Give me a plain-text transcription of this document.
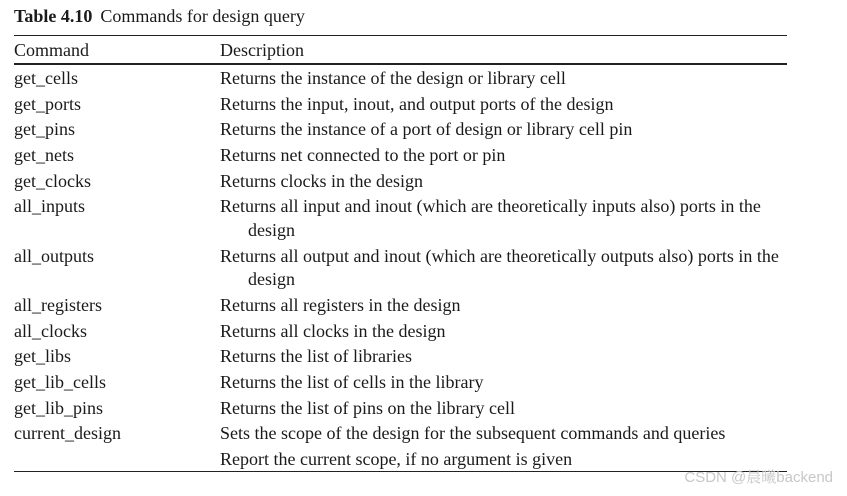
Table 4.10 Commands for design query
Command	Description
get_cells	Returns the instance of the design or library cell
get_ports	Returns the input, inout, and output ports of the design
get_pins	Returns the instance of a port of design or library cell pin
get_nets	Returns net connected to the port or pin
get_clocks	Returns clocks in the design
all_inputs	Returns all input and inout (which are theoretically inputs also) ports in the design
all_outputs	Returns all output and inout (which are theoretically outputs also) ports in the design
all_registers	Returns all registers in the design
all_clocks	Returns all clocks in the design
get_libs	Returns the list of libraries
get_lib_cells	Returns the list of cells in the library
get_lib_pins	Returns the list of pins on the library cell
current_design	Sets the scope of the design for the subsequent commands and queries
Report the current scope, if no argument is given
CSDN @晨曦backend
